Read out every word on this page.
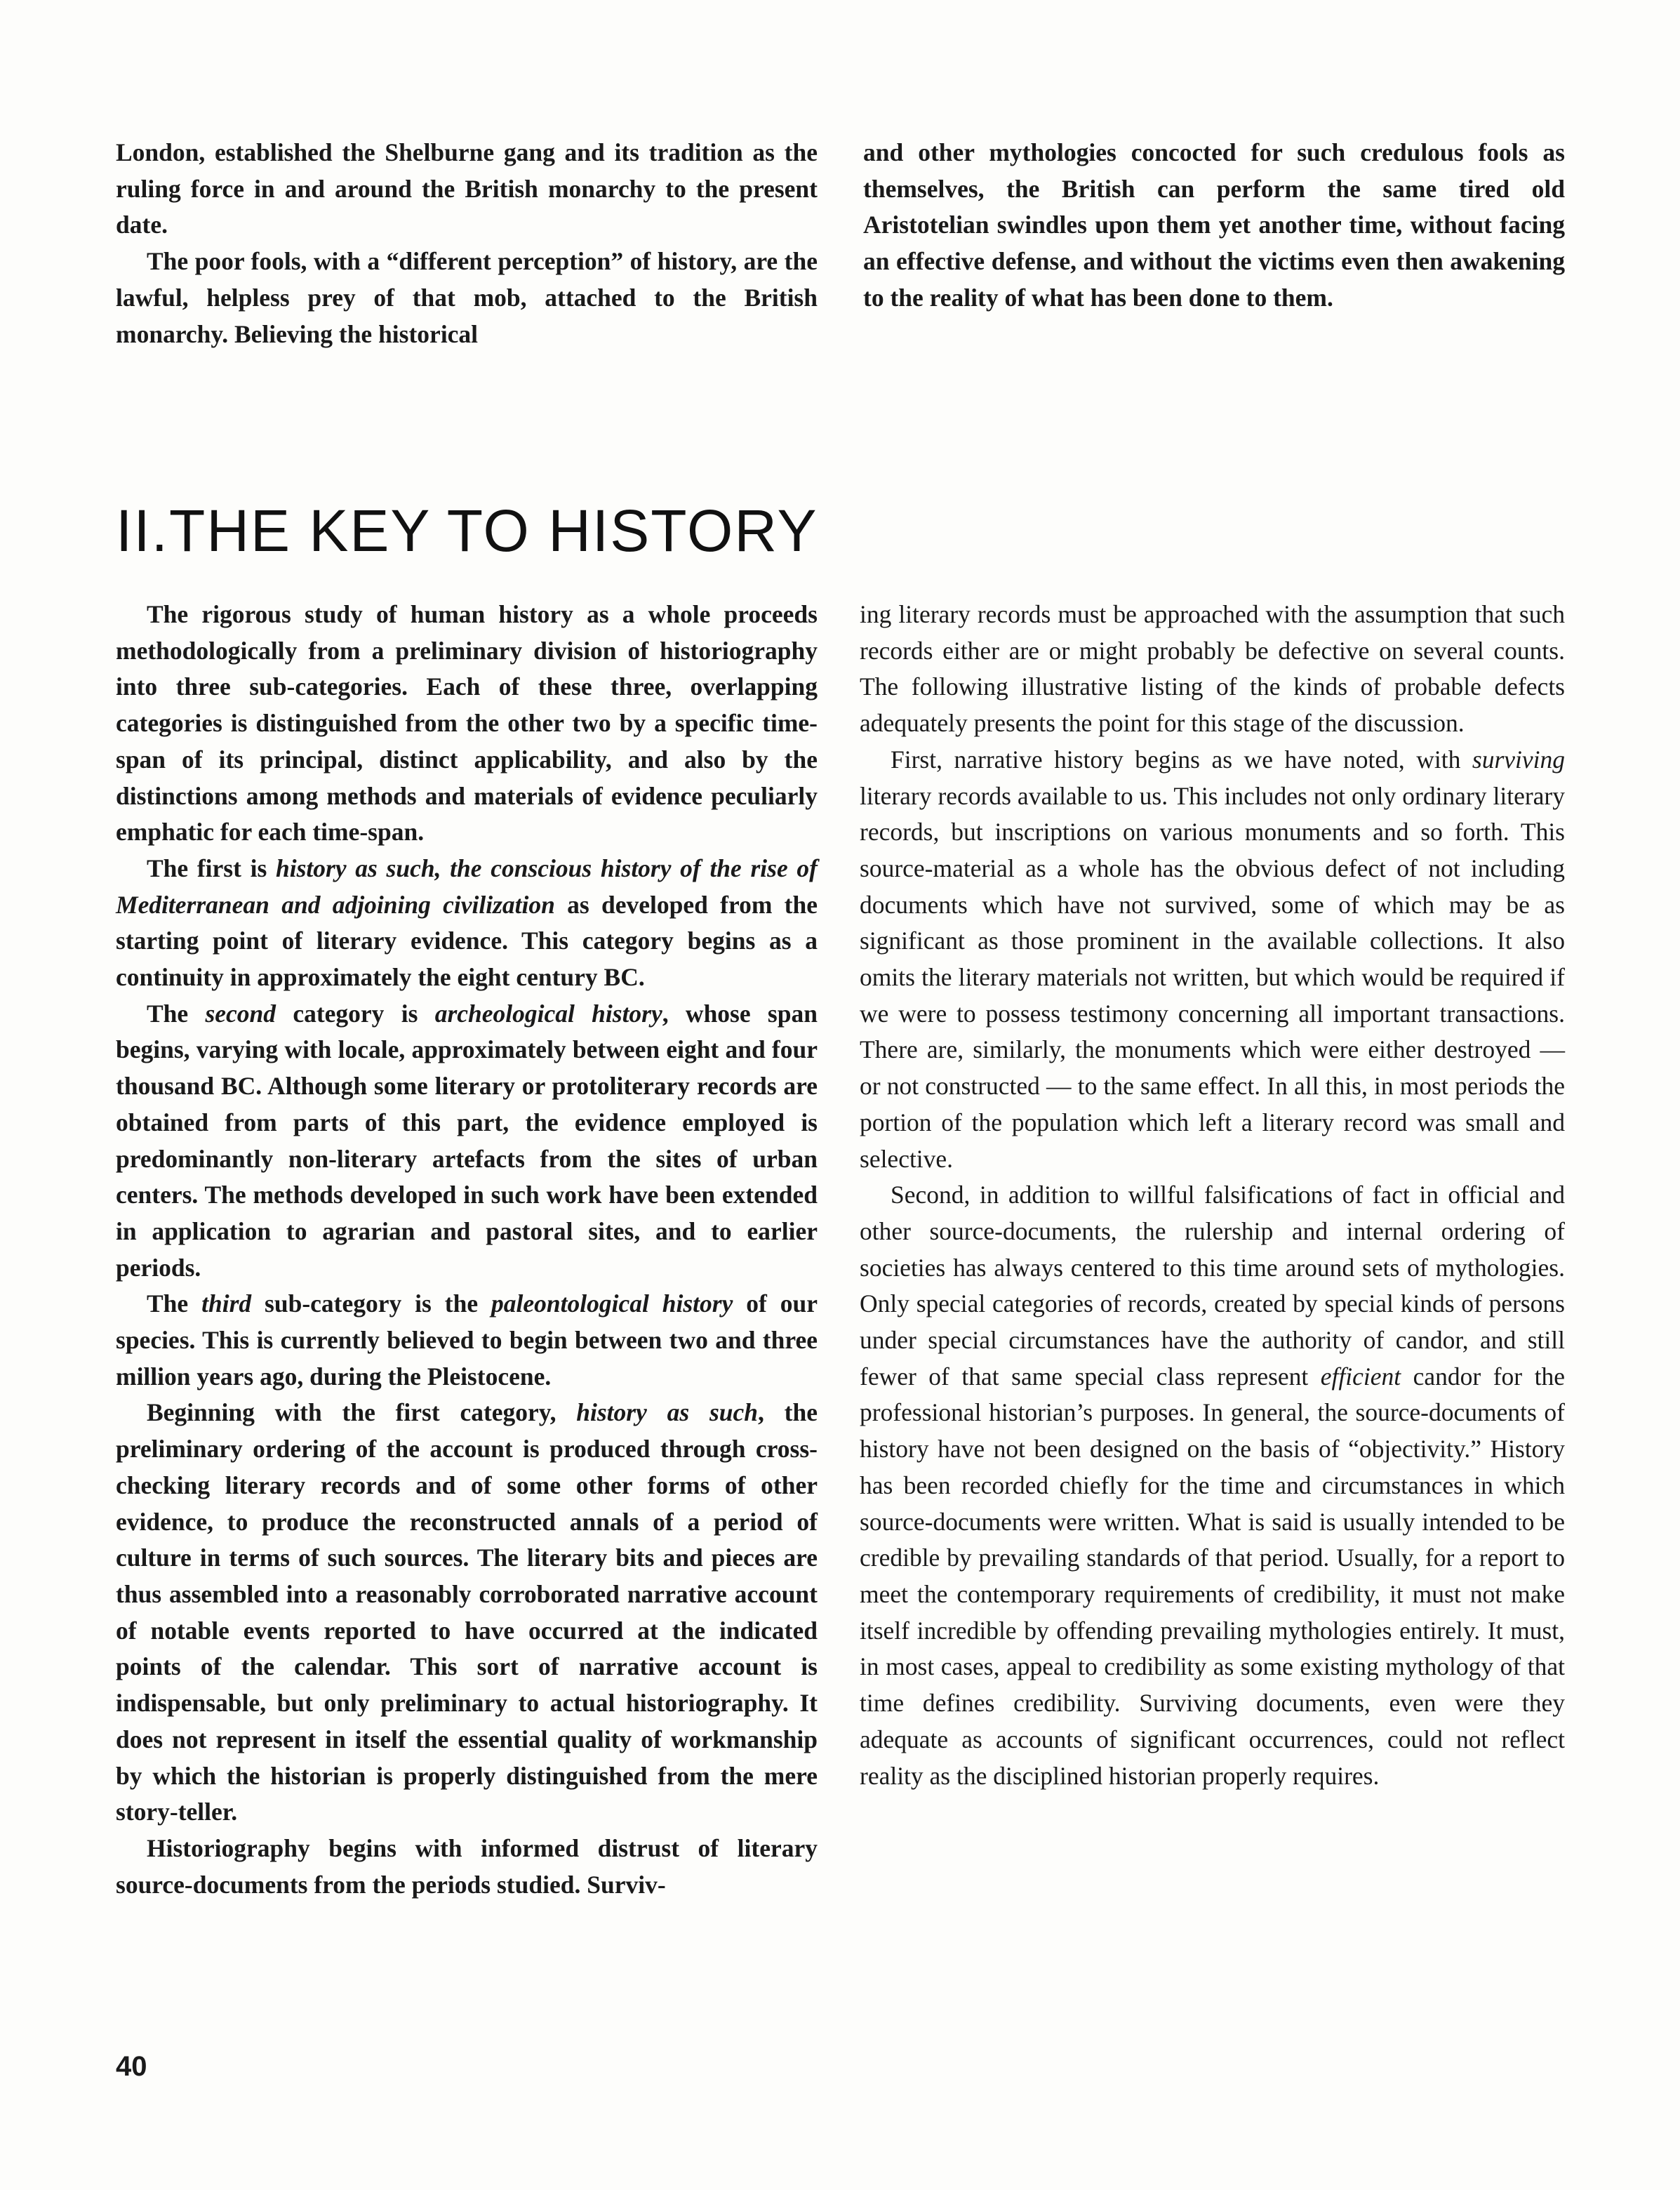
London, established the Shelburne gang and its tradition as the ruling force in and around the British monarchy to the present date.

The poor fools, with a “different perception” of history, are the lawful, helpless prey of that mob, attached to the British monarchy. Believing the historical

and other mythologies concocted for such credulous fools as themselves, the British can perform the same tired old Aristotelian swindles upon them yet another time, without facing an effective defense, and without the victims even then awakening to the reality of what has been done to them.

II.THE KEY TO HISTORY

The rigorous study of human history as a whole proceeds methodologically from a preliminary division of historiography into three sub-categories. Each of these three, overlapping categories is distinguished from the other two by a specific time-span of its principal, distinct applicability, and also by the distinctions among methods and materials of evidence peculiarly emphatic for each time-span.

The first is history as such, the conscious history of the rise of Mediterranean and adjoining civilization as developed from the starting point of literary evidence. This category begins as a continuity in approximately the eight century BC.

The second category is archeological history, whose span begins, varying with locale, approximately between eight and four thousand BC. Although some literary or protoliterary records are obtained from parts of this part, the evidence employed is predominantly non-literary artefacts from the sites of urban centers. The methods developed in such work have been extended in application to agrarian and pastoral sites, and to earlier periods.

The third sub-category is the paleontological history of our species. This is currently believed to begin between two and three million years ago, during the Pleistocene.

Beginning with the first category, history as such, the preliminary ordering of the account is produced through cross-checking literary records and of some other forms of other evidence, to produce the reconstructed annals of a period of culture in terms of such sources. The literary bits and pieces are thus assembled into a reasonably corroborated narrative account of notable events reported to have occurred at the indicated points of the calendar. This sort of narrative account is indispensable, but only preliminary to actual historiography. It does not represent in itself the essential quality of workmanship by which the historian is properly distinguished from the mere story-teller.

Historiography begins with informed distrust of literary source-documents from the periods studied. Surviv-

ing literary records must be approached with the assumption that such records either are or might probably be defective on several counts. The following illustrative listing of the kinds of probable defects adequately presents the point for this stage of the discussion.

First, narrative history begins as we have noted, with surviving literary records available to us. This includes not only ordinary literary records, but inscriptions on various monuments and so forth. This source-material as a whole has the obvious defect of not including documents which have not survived, some of which may be as significant as those prominent in the available collections. It also omits the literary materials not written, but which would be required if we were to possess testimony concerning all important transactions. There are, similarly, the monuments which were either destroyed — or not constructed — to the same effect. In all this, in most periods the portion of the population which left a literary record was small and selective.

Second, in addition to willful falsifications of fact in official and other source-documents, the rulership and internal ordering of societies has always centered to this time around sets of mythologies. Only special categories of records, created by special kinds of persons under special circumstances have the authority of candor, and still fewer of that same special class represent efficient candor for the professional historian’s purposes. In general, the source-documents of history have not been designed on the basis of “objectivity.” History has been recorded chiefly for the time and circumstances in which source-documents were written. What is said is usually intended to be credible by prevailing standards of that period. Usually, for a report to meet the contemporary requirements of credibility, it must not make itself incredible by offending prevailing mythologies entirely. It must, in most cases, appeal to credibility as some existing mythology of that time defines credibility. Surviving documents, even were they adequate as accounts of significant occurrences, could not reflect reality as the disciplined historian properly requires.

40
